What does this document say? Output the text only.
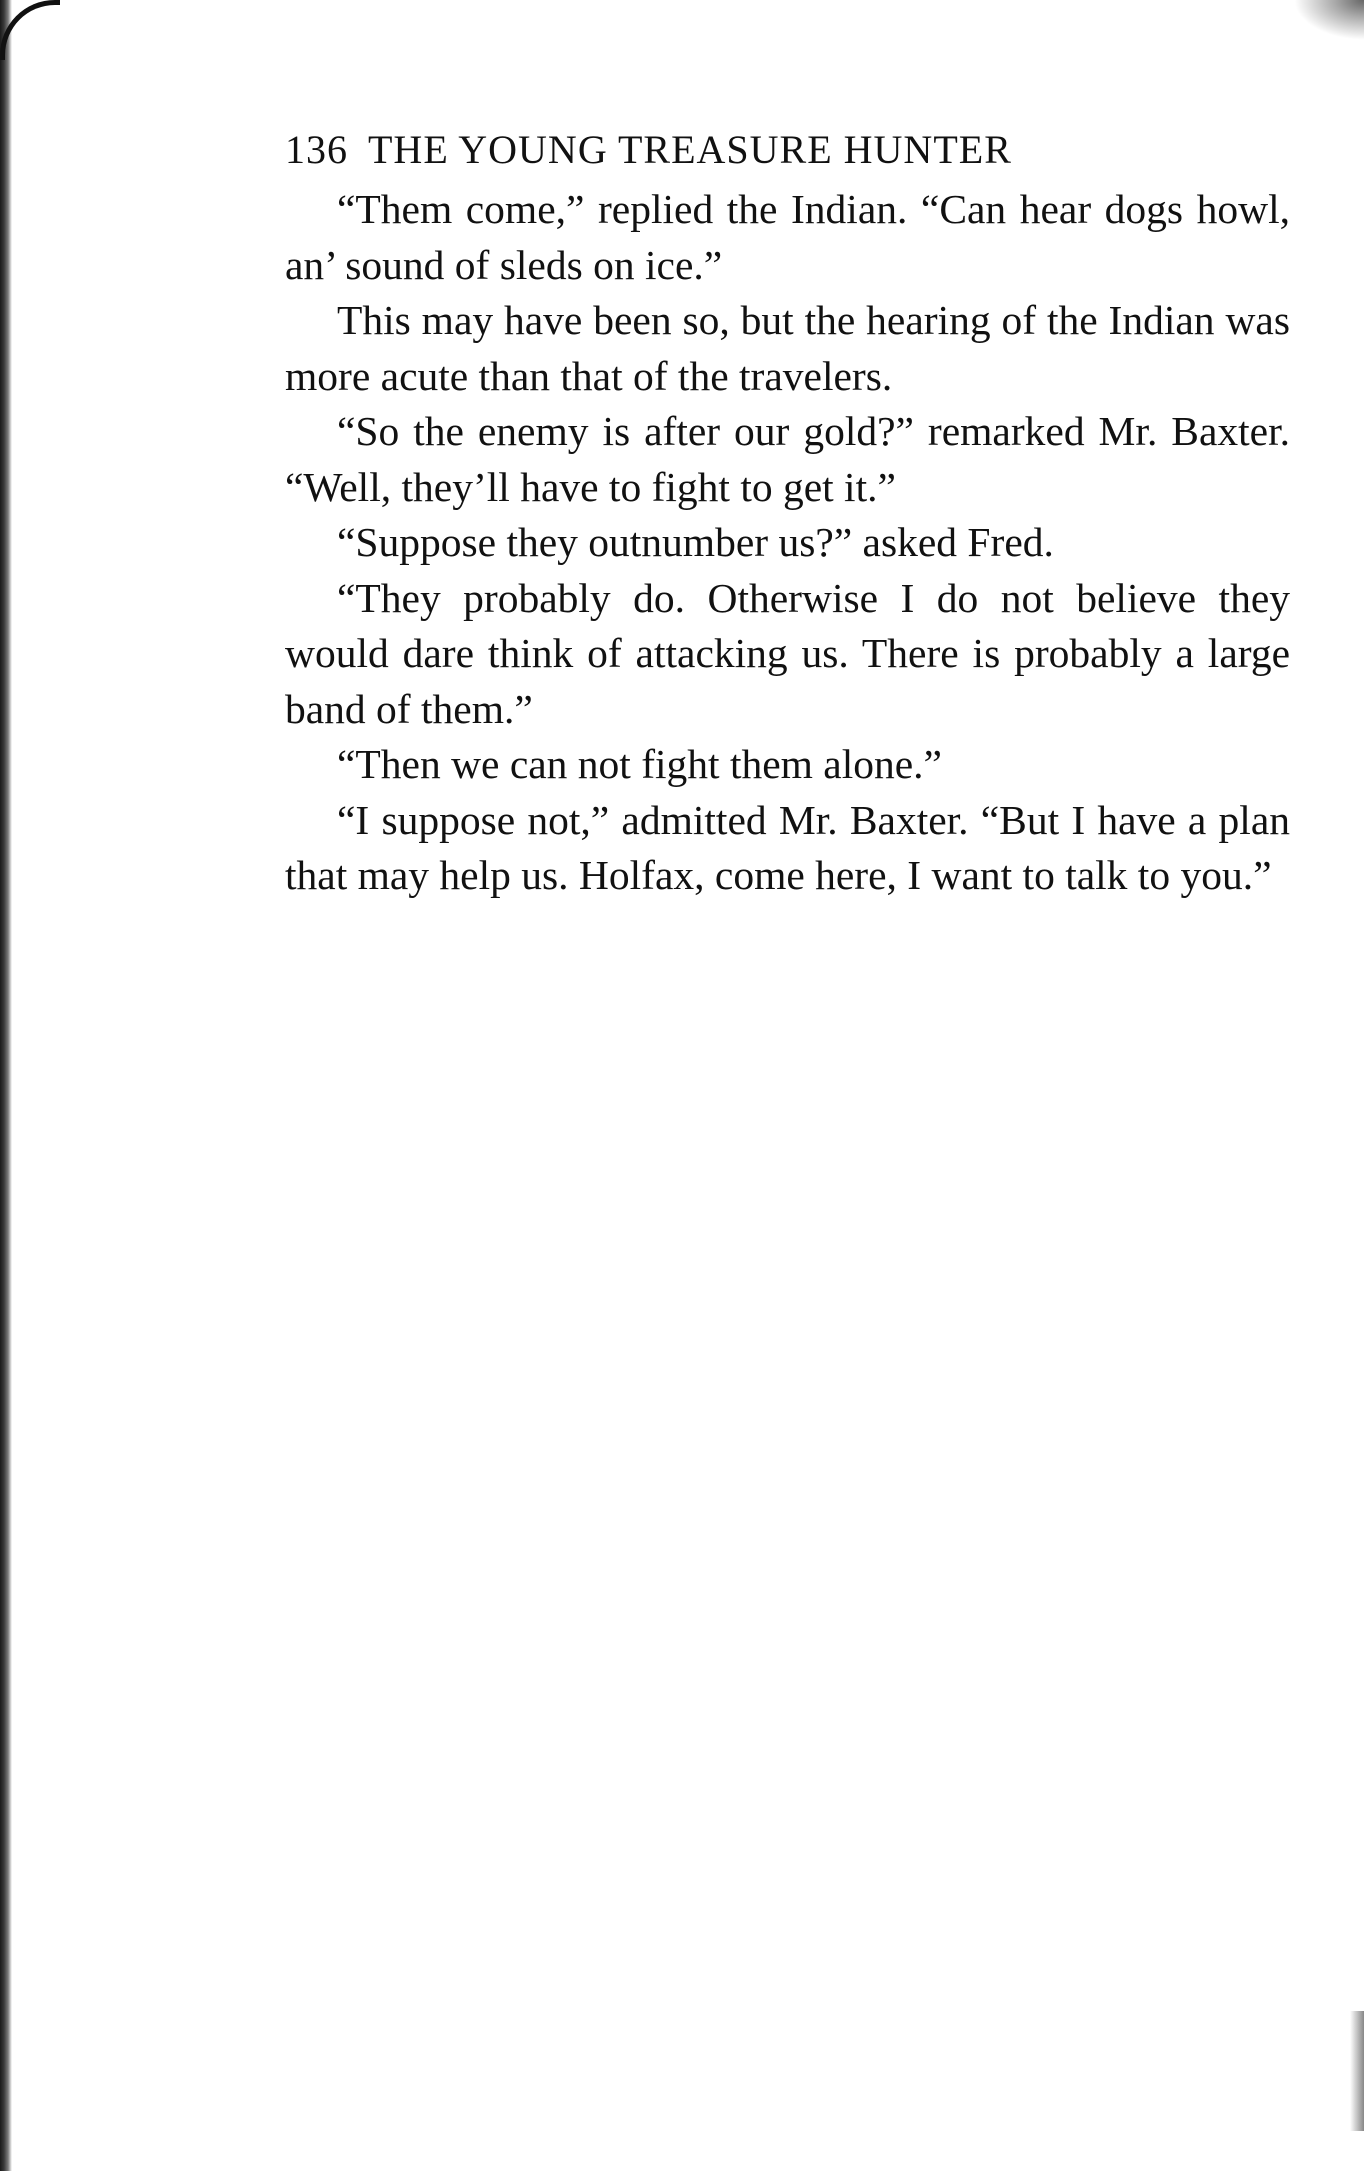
136 THE YOUNG TREASURE HUNTER

“Them come,” replied the Indian. “Can hear dogs howl, an’ sound of sleds on ice.”

This may have been so, but the hearing of the Indian was more acute than that of the travelers.

“So the enemy is after our gold?” remarked Mr. Baxter. “Well, they’ll have to fight to get it.”

“Suppose they outnumber us?” asked Fred.

“They probably do. Otherwise I do not believe they would dare think of attacking us. There is probably a large band of them.”

“Then we can not fight them alone.”

“I suppose not,” admitted Mr. Baxter. “But I have a plan that may help us. Holfax, come here, I want to talk to you.”
